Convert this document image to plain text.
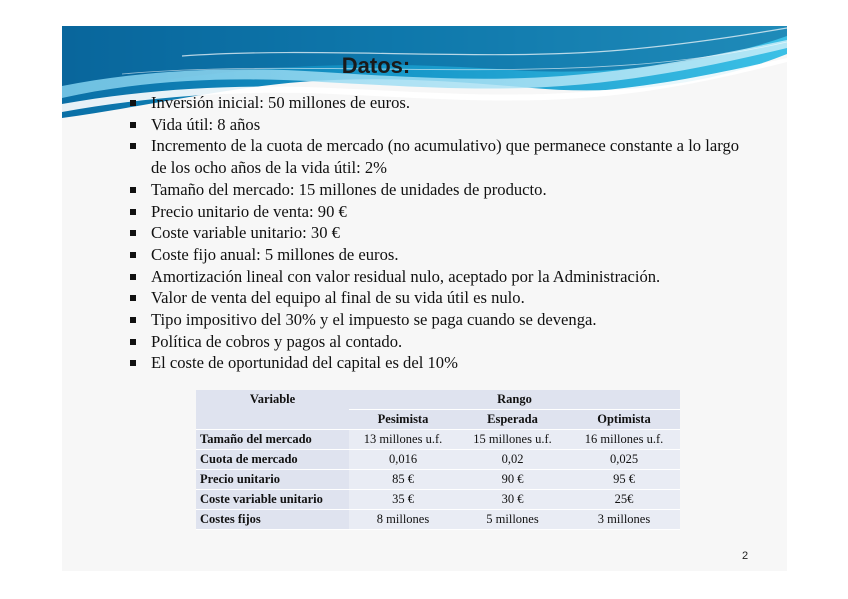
Datos:
Inversión inicial: 50 millones de euros.
Vida útil: 8 años
Incremento de la cuota de mercado (no acumulativo) que permanece constante a lo largo de los ocho años de la vida útil: 2%
Tamaño del mercado: 15 millones de unidades de producto.
Precio unitario de venta: 90 €
Coste variable unitario: 30 €
Coste fijo anual: 5 millones de euros.
Amortización lineal con valor residual nulo, aceptado por la Administración.
Valor de venta del equipo al final de su vida útil es nulo.
Tipo impositivo del 30% y el impuesto se paga cuando se devenga.
Política de cobros y pagos al contado.
El coste de oportunidad del capital es del 10%
Variable	Rango		
	Pesimista	Esperada	Optimista
Tamaño del mercado	13 millones u.f.	15 millones u.f.	16 millones u.f.
Cuota de mercado	0,016	0,02	0,025
Precio unitario	85 €	90 €	95 €
Coste variable unitario	35 €	30 €	25€
Costes fijos	8 millones	5 millones	3 millones
2
